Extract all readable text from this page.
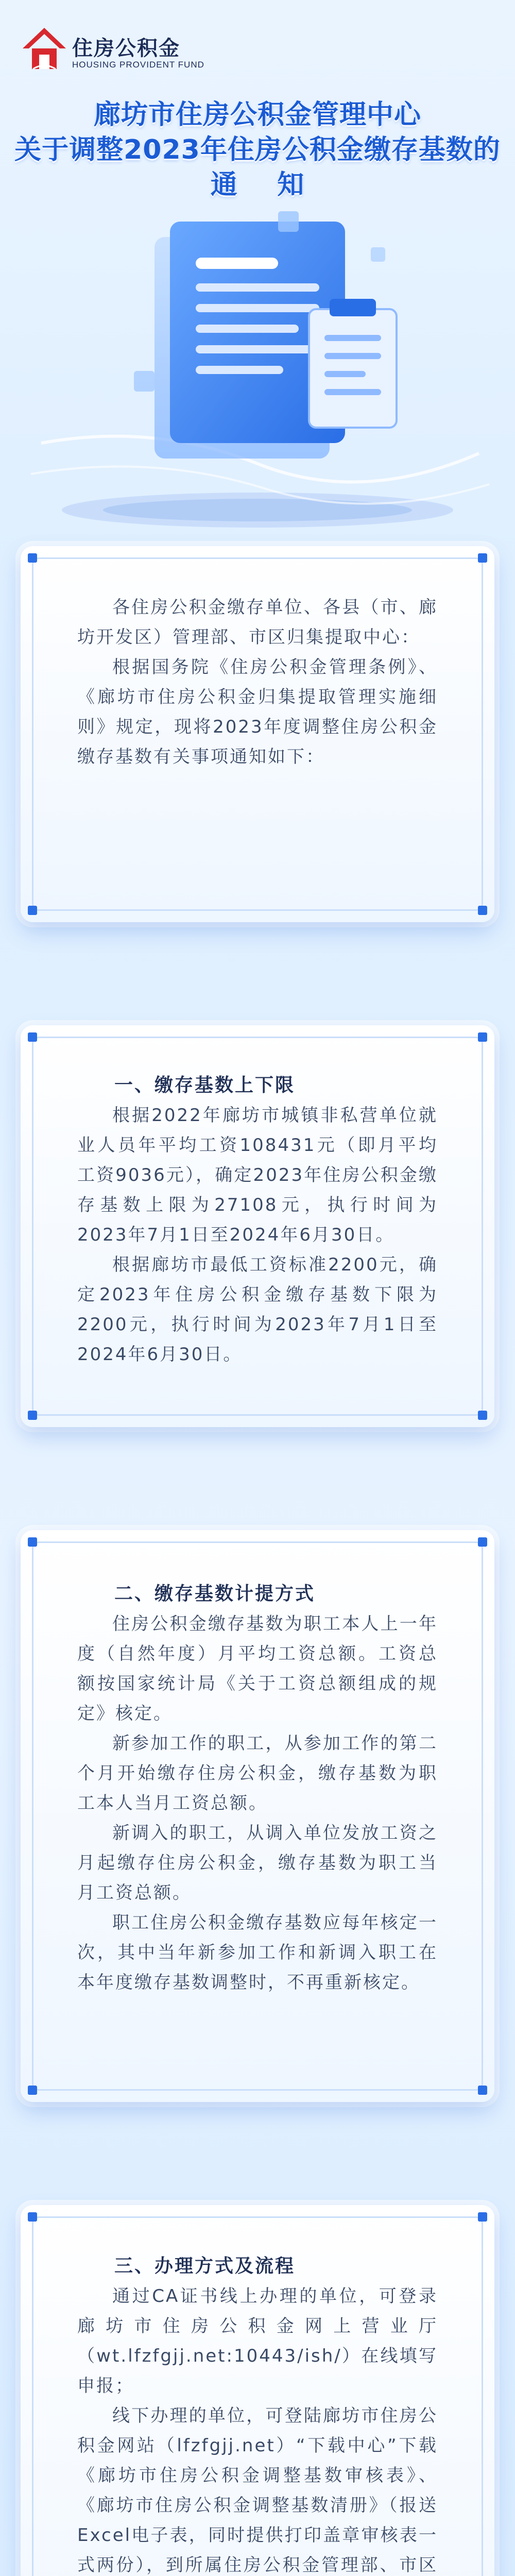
住房公积金
HOUSING PROVIDENT FUND
廊坊市住房公积金管理中心
关于调整2023年住房公积金缴存基数的
通    知

各住房公积金缴存单位、各县（市、廊坊开发区）管理部、市区归集提取中心：

根据国务院《住房公积金管理条例》、《廊坊市住房公积金归集提取管理实施细则》规定，现将2023年度调整住房公积金缴存基数有关事项通知如下：

一、缴存基数上下限

根据2022年廊坊市城镇非私营单位就业人员年平均工资108431元（即月平均工资9036元），确定2023年住房公积金缴存基数上限为27108元，执行时间为2023年7月1日至2024年6月30日。

根据廊坊市最低工资标准2200元，确定2023年住房公积金缴存基数下限为2200元，执行时间为2023年7月1日至2024年6月30日。

二、缴存基数计提方式

住房公积金缴存基数为职工本人上一年度（自然年度）月平均工资总额。工资总额按国家统计局《关于工资总额组成的规定》核定。

新参加工作的职工，从参加工作的第二个月开始缴存住房公积金，缴存基数为职工本人当月工资总额。

新调入的职工，从调入单位发放工资之月起缴存住房公积金，缴存基数为职工当月工资总额。

职工住房公积金缴存基数应每年核定一次，其中当年新参加工作和新调入职工在本年度缴存基数调整时，不再重新核定。

三、办理方式及流程

通过CA证书线上办理的单位，可登录廊坊市住房公积金网上营业厅（wt.lfzfgjj.net:10443/ish/）在线填写申报；

线下办理的单位，可登陆廊坊市住房公积金网站（lfzfgjj.net）“下载中心”下载《廊坊市住房公积金调整基数审核表》、《廊坊市住房公积金调整基数清册》（报送Excel电子表，同时提供打印盖章审核表一式两份），到所属住房公积金管理部、市区
